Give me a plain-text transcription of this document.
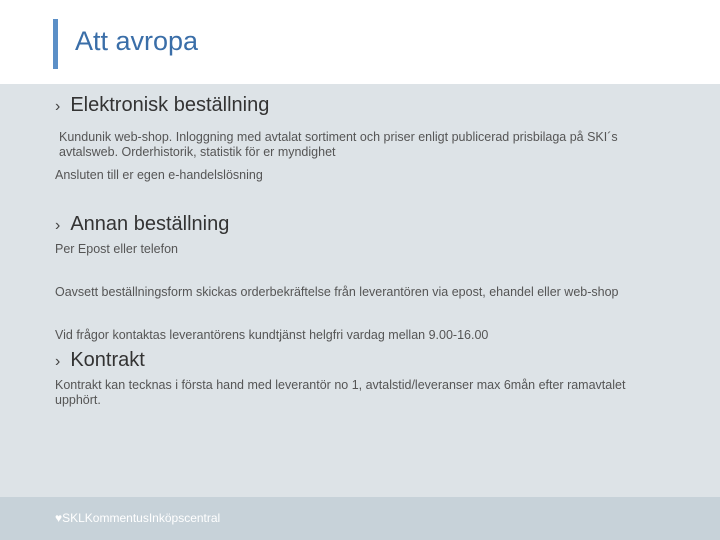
Att avropa
› Elektronisk beställning

Kundunik web-shop. Inloggning med avtalat sortiment och priser enligt publicerad prisbilaga på SKI´s avtalsweb. Orderhistorik, statistik för er myndighet

Ansluten till er egen e-handelslösning

› Annan beställning

Per Epost eller telefon

Oavsett beställningsform skickas orderbekräftelse från leverantören via epost, ehandel eller web-shop

Vid frågor kontaktas leverantörens kundtjänst helgfri vardag mellan 9.00-16.00

› Kontrakt

Kontrakt kan tecknas i första hand med leverantör no 1, avtalstid/leveranser max 6mån efter ramavtalet upphört.

♥SKLKommentusInköpscentral
